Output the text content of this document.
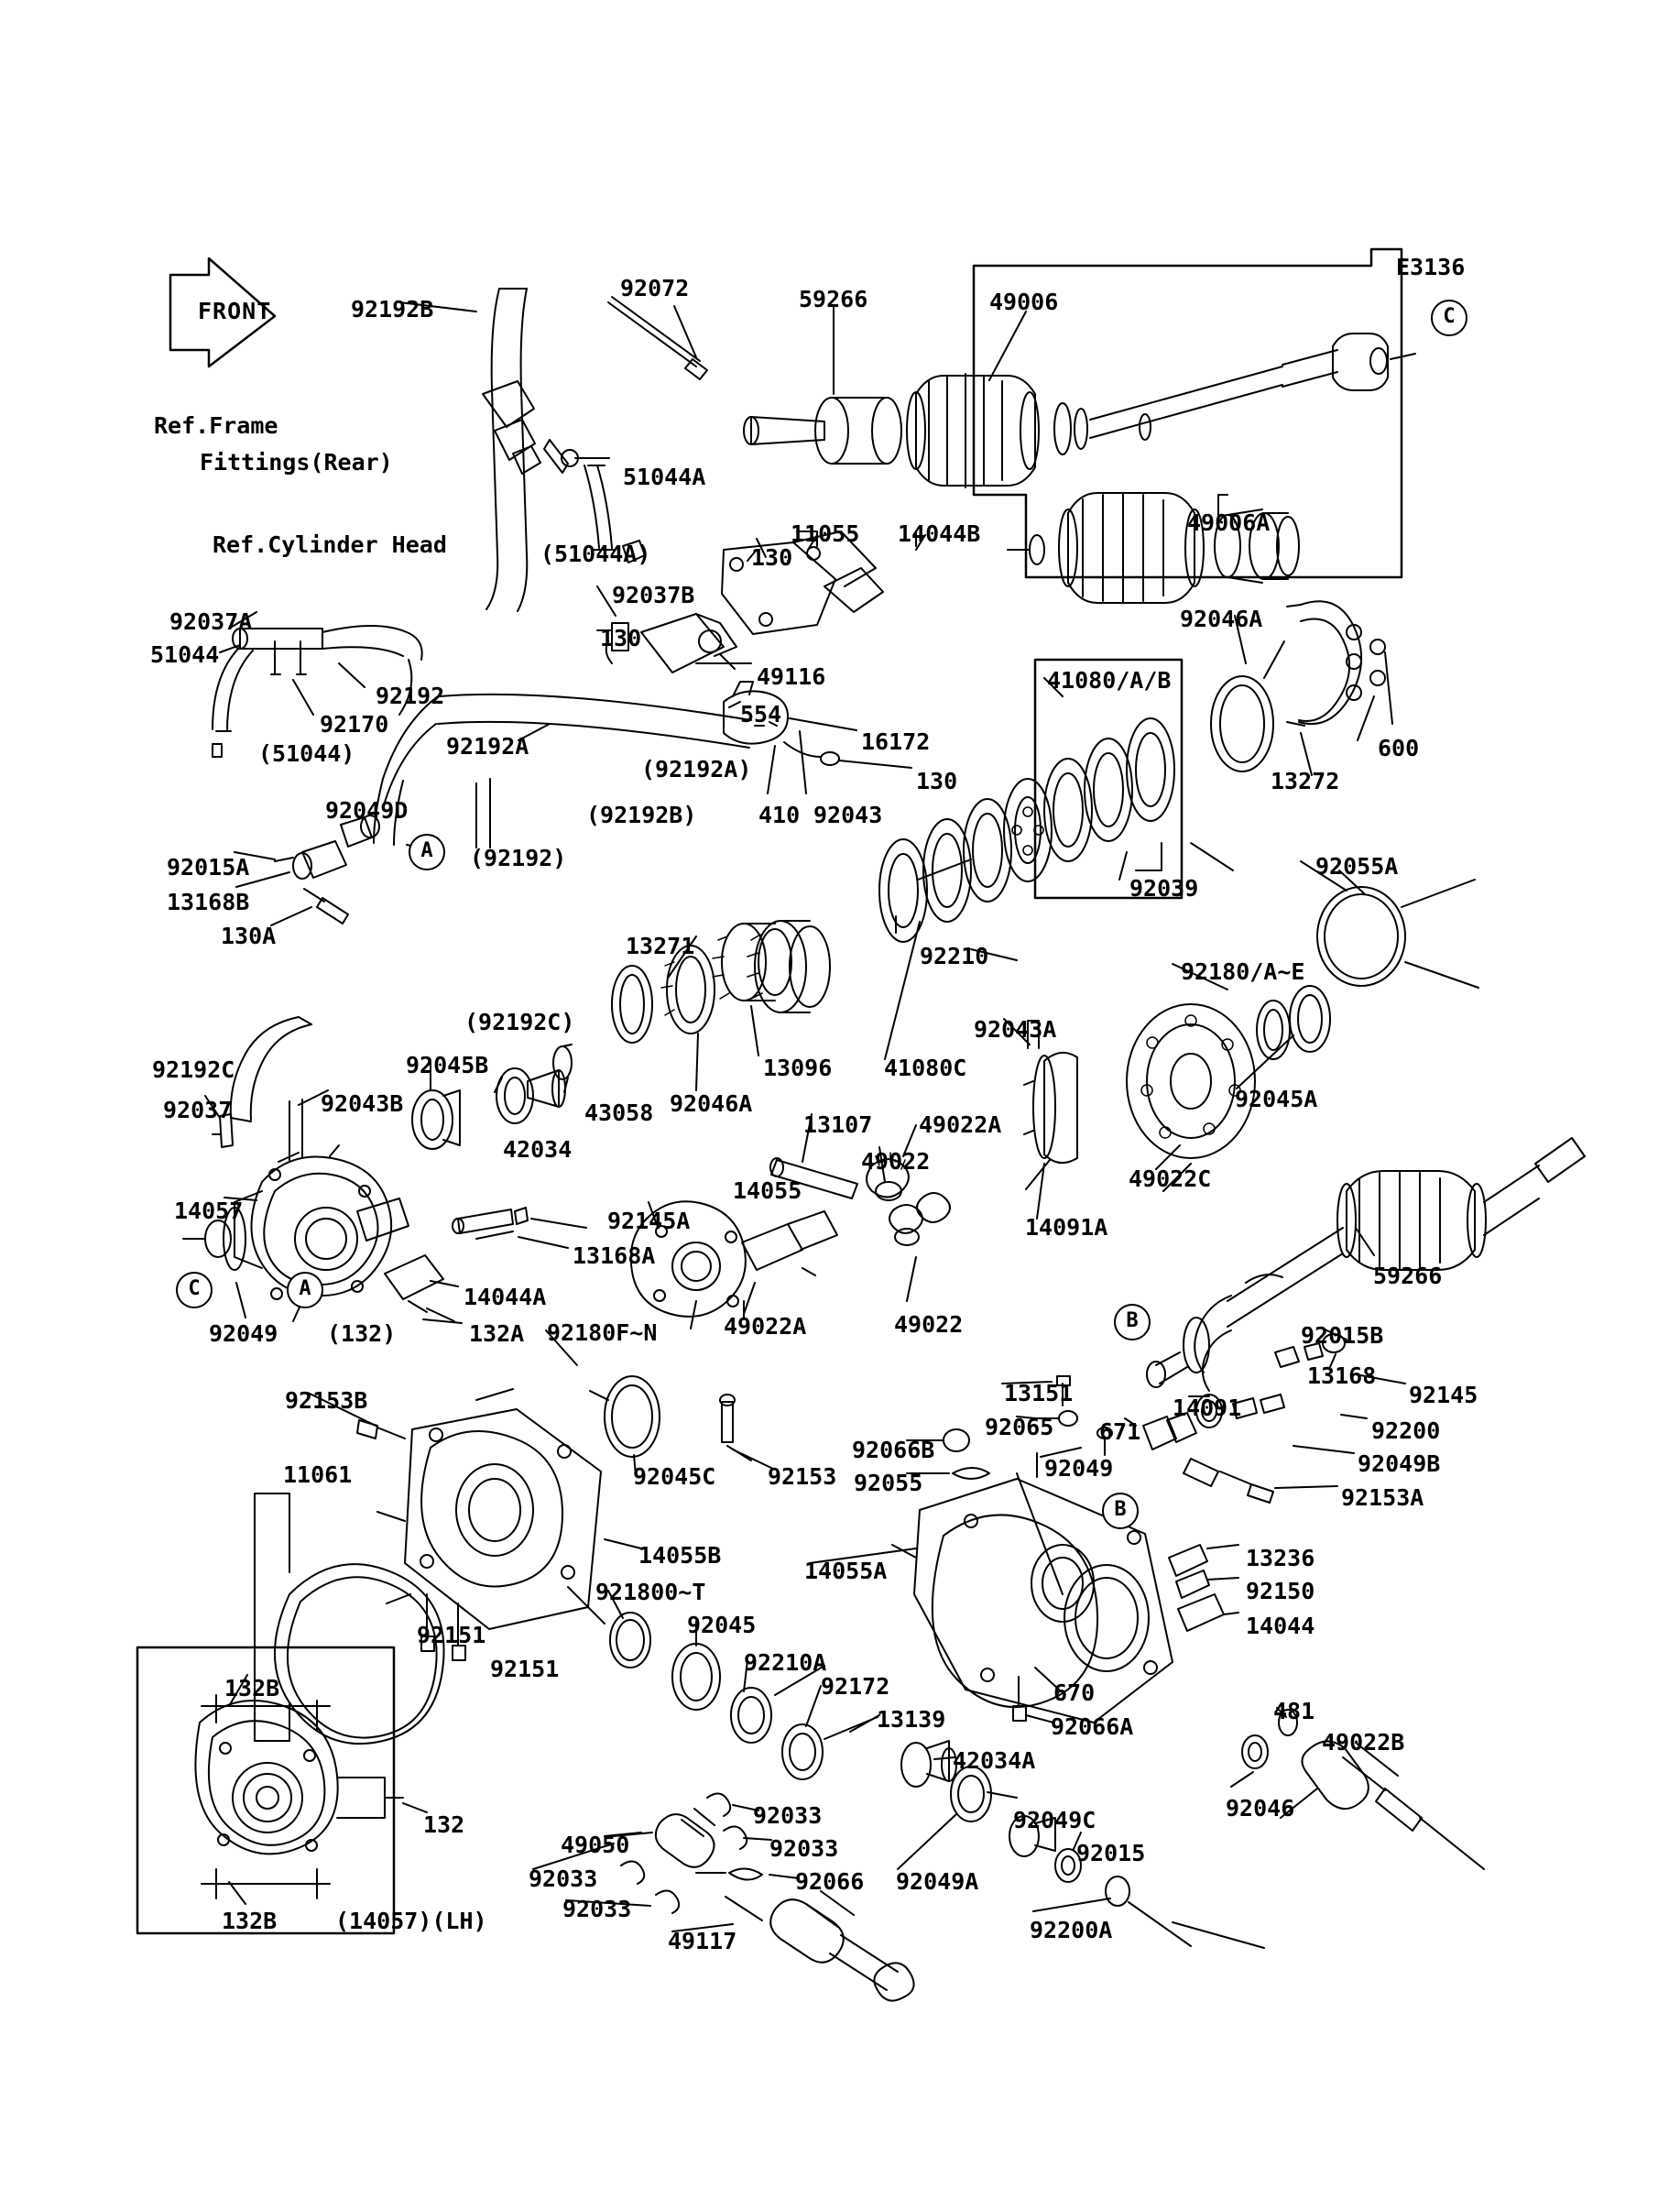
FRONT
Ref.Frame
Fittings(Rear)
Ref.Cylinder Head
92192B
92072	59266	49006
E3136
51044A
(51044A)
11055 14044B
130
92037B
130
49116
554
16172
130
92043
410
(92192A)
92192A
(92192B)
(92192)
92037A
51044
92192
92170
(51044)
92049D
92015A
13168B
130A
92046A
41080/A/B
600
13272
92039
92210
92055A
92180/A~E
92043A
92045A
13271
(92192C)
92192C
92037	92043B
92045B
43058
42034
92046A
13096 41080C
13107 49022A
49022
49022C
14091A
59266
14057	92145A
13168A
14055
49022
49022A
14044A
132A
92049 (132)	92180F~N	92015B
13168
92145
13151
14091
92065 671	92200
92049B
92153A
92153B
92066B
92055
92049
11061	92045C 92153
14055B
14055A	13236
92150
14044
921800~T
92045
92151
92151	92210A
92172
13139
670
92066A
481
49022B
92046
42034A
92049C
92015
132B
132
132B	(14057)(LH)
92033
92033
49050
92033
92033
92066
49117
92049A
92200A
49006A
C
A
A
C
B
B
